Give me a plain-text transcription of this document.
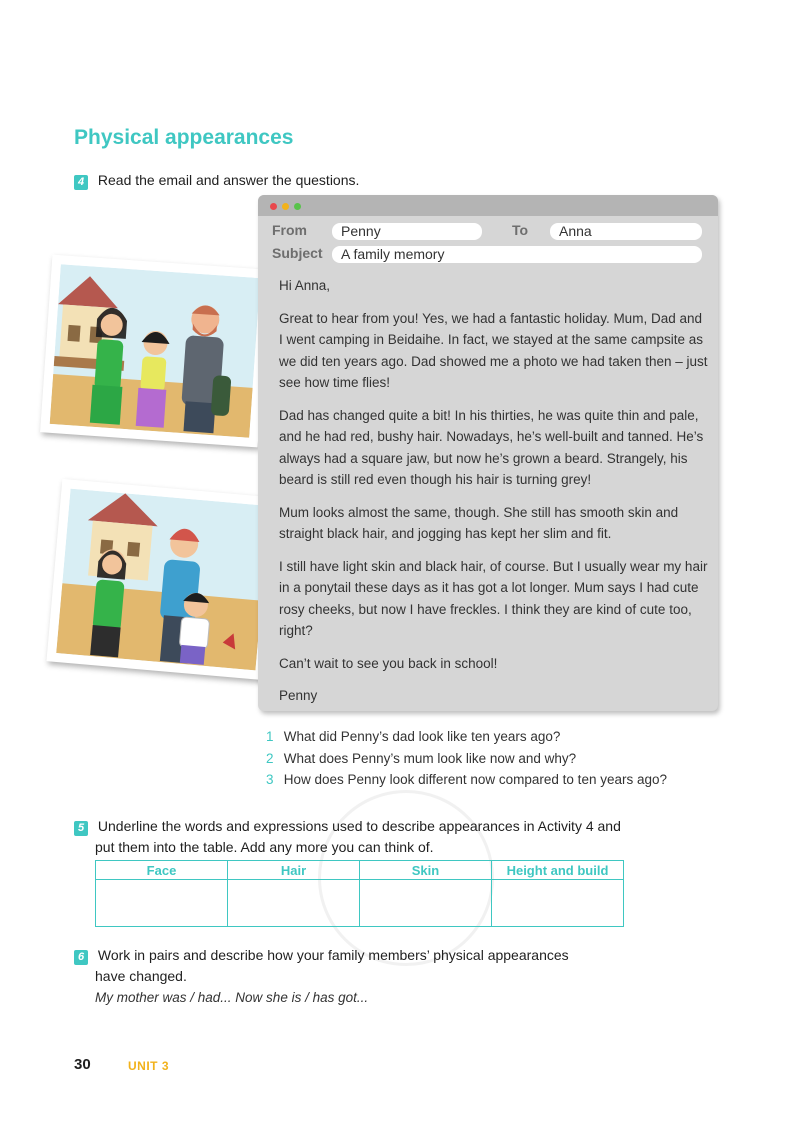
Physical appearances
4 Read the email and answer the questions.
From	Penny	To	Anna
Subject	A family memory

Hi Anna,

Great to hear from you! Yes, we had a fantastic holiday. Mum, Dad and I went camping in Beidaihe. In fact, we stayed at the same campsite as we did ten years ago. Dad showed me a photo we had taken then – just see how time flies!

Dad has changed quite a bit! In his thirties, he was quite thin and pale, and he had red, bushy hair. Nowadays, he’s well-built and tanned. He’s always had a square jaw, but now he’s grown a beard. Strangely, his beard is still red even though his hair is turning grey!

Mum looks almost the same, though. She still has smooth skin and straight black hair, and jogging has kept her slim and fit.

I still have light skin and black hair, of course. But I usually wear my hair in a ponytail these days as it has got a lot longer. Mum says I had cute rosy cheeks, but now I have freckles. I think they are kind of cute too, right?

Can’t wait to see you back in school!

Penny

1 What did Penny’s dad look like ten years ago?
2 What does Penny’s mum look like now and why?
3 How does Penny look different now compared to ten years ago?
5 Underline the words and expressions used to describe appearances in Activity 4 and
put them into the table. Add any more you can think of.
Face	Hair	Skin	Height and build

6 Work in pairs and describe how your family members’ physical appearances
have changed.
My mother was / had... Now she is / has got...
30	UNIT 3
